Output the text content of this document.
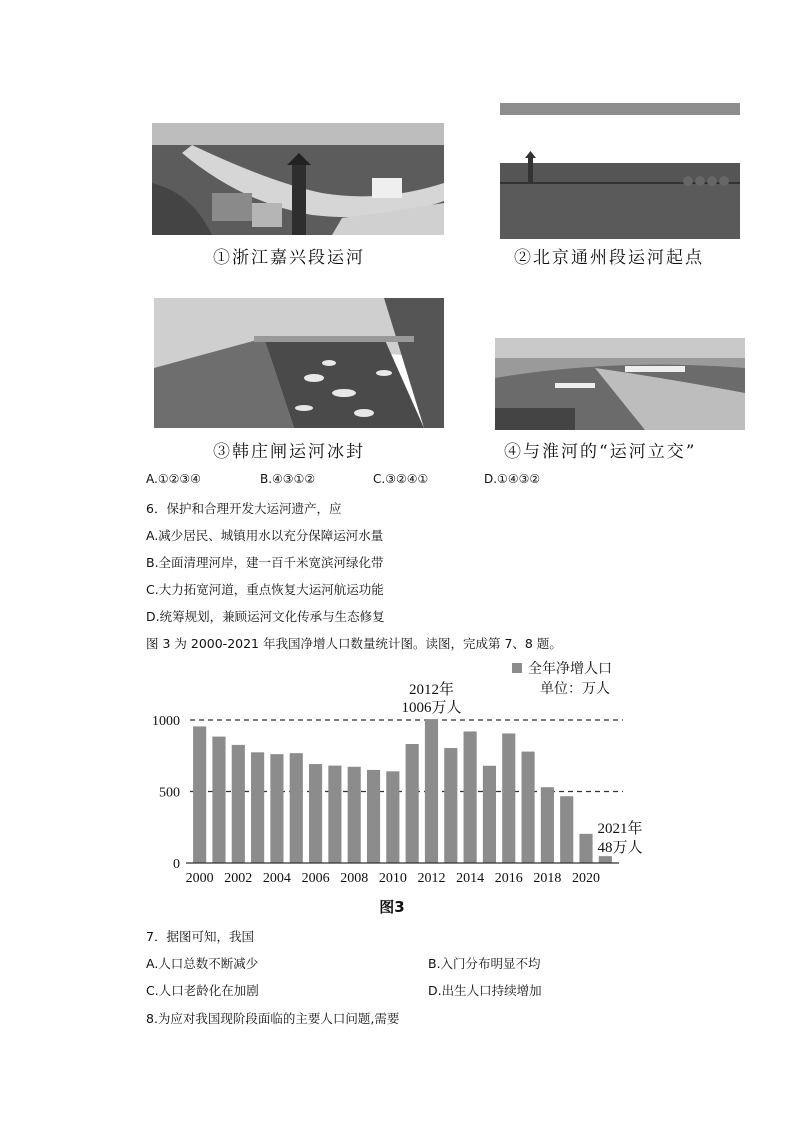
①浙江嘉兴段运河	②北京通州段运河起点
③韩庄闸运河冰封	④与淮河的“运河立交”
A.①②③④	B.④③①②	C.③②④①	D.①④③②
6．保护和合理开发大运河遗产，应
A.减少居民、城镇用水以充分保障运河水量
B.全面清理河岸，建一百千米宽滨河绿化带
C.大力拓宽河道，重点恢复大运河航运功能
D.统筹规划，兼顾运河文化传承与生态修复
图 3 为 2000-2021 年我国净增人口数量统计图。读图，完成第 7、8 题。
0
500
1000
2000 2002 2004 2006 2008 2010 2012 2014 2016 2018 2020
2012年
1006万人
2021年
48万人
全年净增人口
单位：万人
图3
7．据图可知，我国
A.人口总数不断减少	B.入门分布明显不均
C.人口老龄化在加剧	D.出生人口持续增加
8.为应对我国现阶段面临的主要人口问题,需要
